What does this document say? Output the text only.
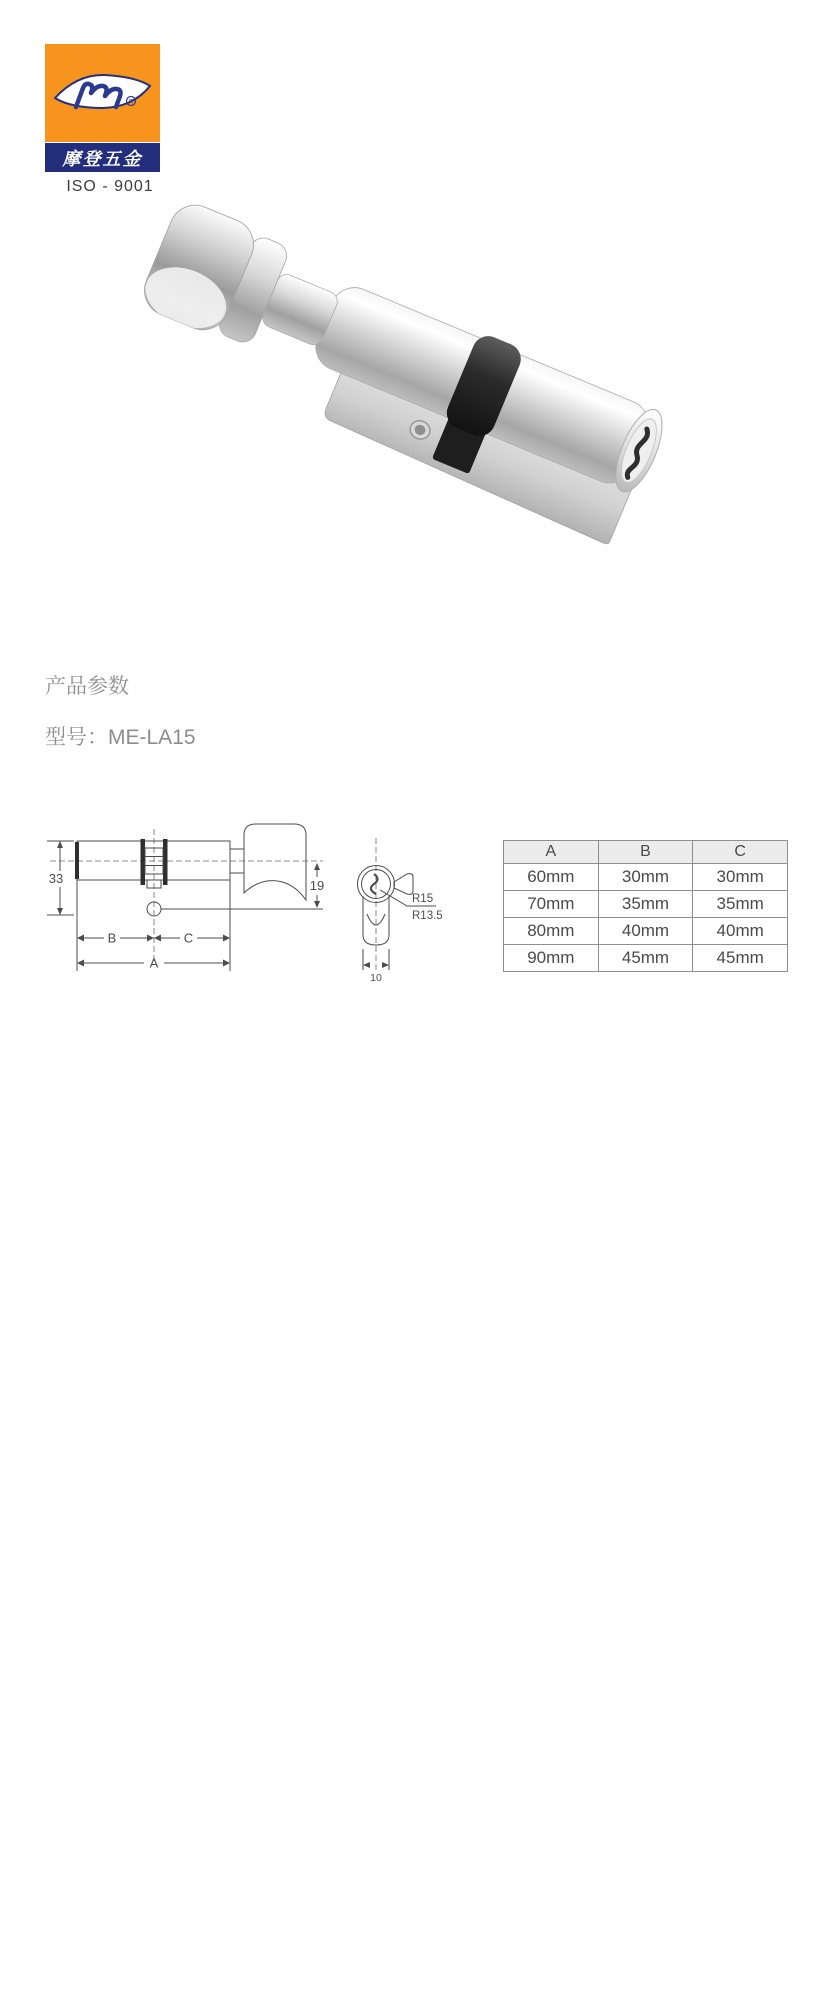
R
摩登五金
ISO - 9001
产品参数
型号：ME-LA15
33	19
B	C
A
R15
R13.5
10
A	B	C
60mm	30mm	30mm
70mm	35mm	35mm
80mm	40mm	40mm
90mm	45mm	45mm
